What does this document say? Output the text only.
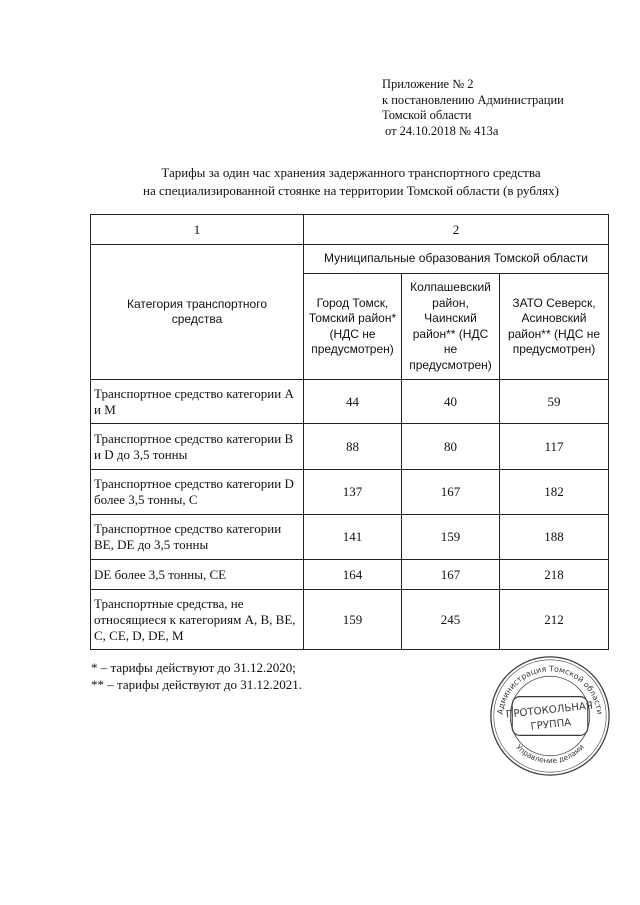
Приложение № 2
к постановлению Администрации
Томской области
от 24.10.2018 № 413а
Тарифы за один час хранения задержанного транспортного средства
на специализированной стоянке на территории Томской области (в рублях)
1	2		
Категория транспортного средства	Муниципальные образования Томской области		
	Город Томск, Томский район* (НДС не предусмотрен)	Колпашевский район, Чаинский район** (НДС не предусмотрен)	ЗАТО Северск, Асиновский район** (НДС не предусмотрен)
Транспортное средство категории А и М	44	40	59
Транспортное средство категории В и D до 3,5 тонны	88	80	117
Транспортное средство категории D более 3,5 тонны, С	137	167	182
Транспортное средство категории ВЕ, DE до 3,5 тонны	141	159	188
DE более 3,5 тонны, СЕ	164	167	218
Транспортные средства, не относящиеся к категориям А, В, ВЕ, С, СЕ, D, DE, М	159	245	212
* – тарифы действуют до 31.12.2020;
** – тарифы действуют до 31.12.2021.
Администрация Томской области
Управление делами
ПРОТОКОЛЬНАЯ
ГРУППА
